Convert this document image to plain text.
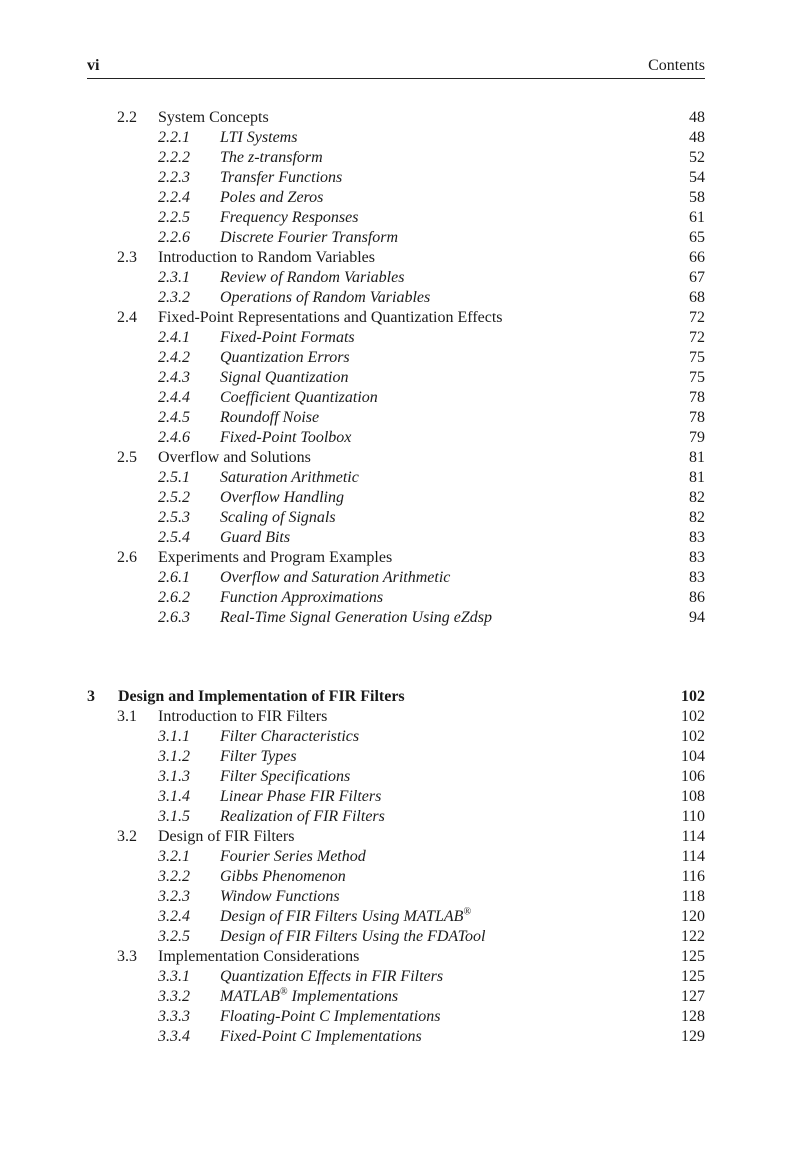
vi	Contents
2.2 System Concepts	48
2.2.1 LTI Systems	48
2.2.2 The z-transform	52
2.2.3 Transfer Functions	54
2.2.4 Poles and Zeros	58
2.2.5 Frequency Responses	61
2.2.6 Discrete Fourier Transform	65
2.3 Introduction to Random Variables	66
2.3.1 Review of Random Variables	67
2.3.2 Operations of Random Variables	68
2.4 Fixed-Point Representations and Quantization Effects	72
2.4.1 Fixed-Point Formats	72
2.4.2 Quantization Errors	75
2.4.3 Signal Quantization	75
2.4.4 Coefficient Quantization	78
2.4.5 Roundoff Noise	78
2.4.6 Fixed-Point Toolbox	79
2.5 Overflow and Solutions	81
2.5.1 Saturation Arithmetic	81
2.5.2 Overflow Handling	82
2.5.3 Scaling of Signals	82
2.5.4 Guard Bits	83
2.6 Experiments and Program Examples	83
2.6.1 Overflow and Saturation Arithmetic	83
2.6.2 Function Approximations	86
2.6.3 Real-Time Signal Generation Using eZdsp	94
3 Design and Implementation of FIR Filters	102
3.1 Introduction to FIR Filters	102
3.1.1 Filter Characteristics	102
3.1.2 Filter Types	104
3.1.3 Filter Specifications	106
3.1.4 Linear Phase FIR Filters	108
3.1.5 Realization of FIR Filters	110
3.2 Design of FIR Filters	114
3.2.1 Fourier Series Method	114
3.2.2 Gibbs Phenomenon	116
3.2.3 Window Functions	118
3.2.4 Design of FIR Filters Using MATLAB®	120
3.2.5 Design of FIR Filters Using the FDATool	122
3.3 Implementation Considerations	125
3.3.1 Quantization Effects in FIR Filters	125
3.3.2 MATLAB® Implementations	127
3.3.3 Floating-Point C Implementations	128
3.3.4 Fixed-Point C Implementations	129
